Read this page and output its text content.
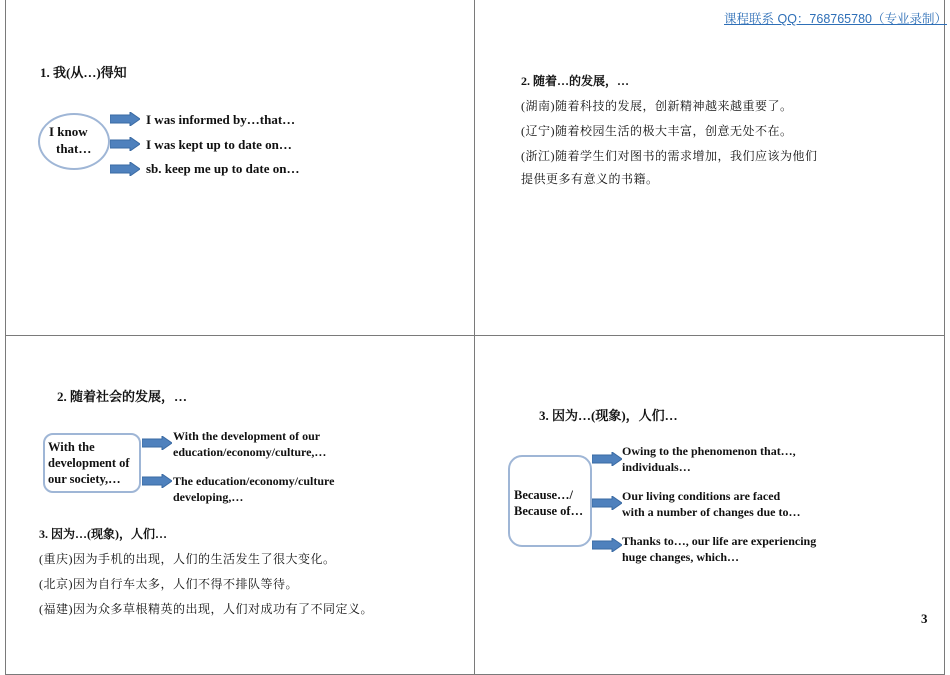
课程联系 QQ：768765780（专业录制）
1. 我(从…)得知
I know
that…
I was informed by…that…
I was kept up to date on…
sb. keep me up to date on…
2. 随着…的发展，…
(湖南)随着科技的发展，创新精神越来越重要了。
(辽宁)随着校园生活的极大丰富，创意无处不在。
(浙江)随着学生们对图书的需求增加，我们应该为他们
提供更多有意义的书籍。
2. 随着社会的发展，…
With the
development of
our society,…
With the development of our
education/economy/culture,…
The education/economy/culture
developing,…
3. 因为…(现象)，人们…
(重庆)因为手机的出现，人们的生活发生了很大变化。
(北京)因为自行车太多，人们不得不排队等待。
(福建)因为众多草根精英的出现，人们对成功有了不同定义。
3. 因为…(现象)，人们…
Because…/
Because of…
Owing to the phenomenon that…,
individuals…
Our living conditions are faced
with a number of changes due to…
Thanks to…, our life are experiencing
huge changes, which…
3
